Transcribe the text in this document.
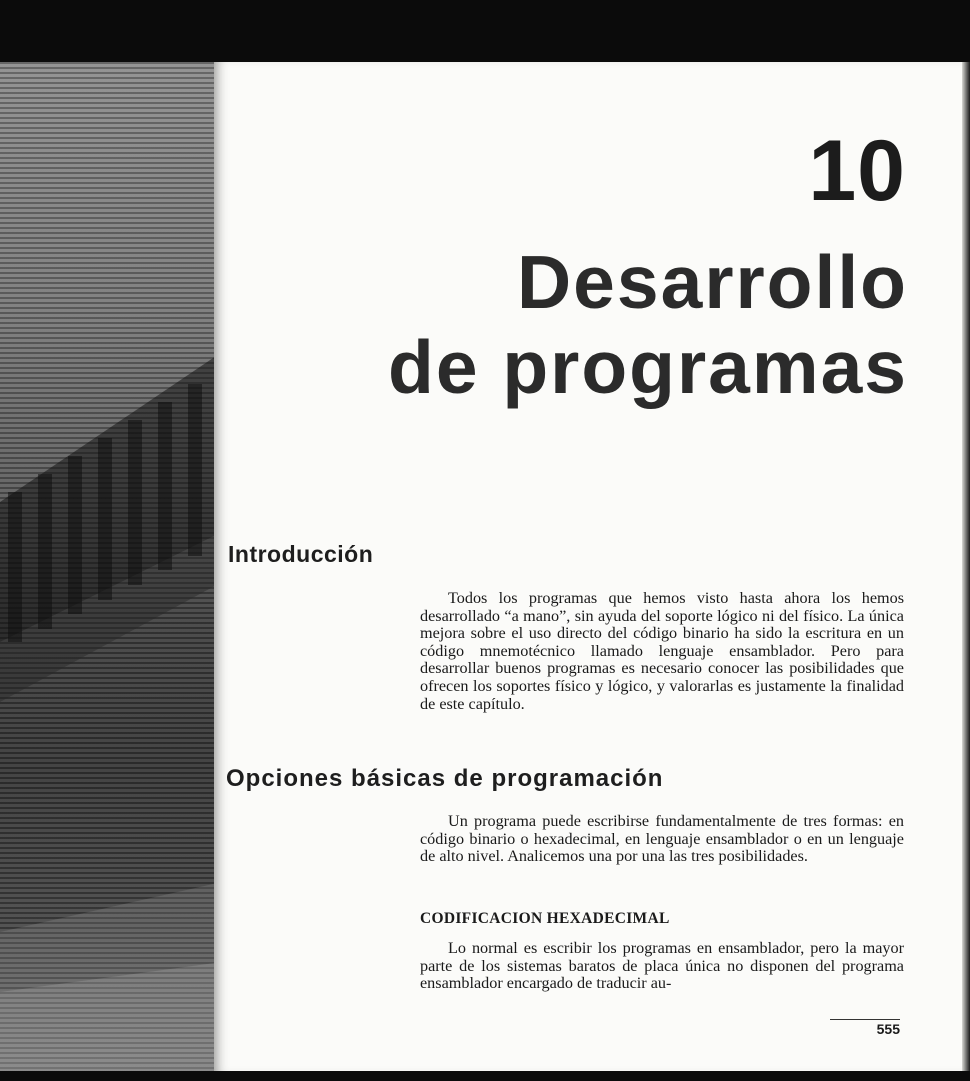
10
Desarrollo
de programas
Introducción
Todos los programas que hemos visto hasta ahora los hemos desarrollado “a mano”, sin ayuda del soporte lógico ni del físico. La única mejora sobre el uso directo del código binario ha sido la escritura en un código mnemotécnico llamado lenguaje ensamblador. Pero para desarrollar buenos programas es necesario conocer las posibilidades que ofrecen los soportes físico y lógico, y valorarlas es justamente la finalidad de este capítulo.
Opciones básicas de programación
Un programa puede escribirse fundamentalmente de tres formas: en código binario o hexadecimal, en lenguaje ensamblador o en un lenguaje de alto nivel. Analicemos una por una las tres posibilidades.
CODIFICACION HEXADECIMAL
Lo normal es escribir los programas en ensamblador, pero la mayor parte de los sistemas baratos de placa única no disponen del programa ensamblador encargado de traducir au-
555
